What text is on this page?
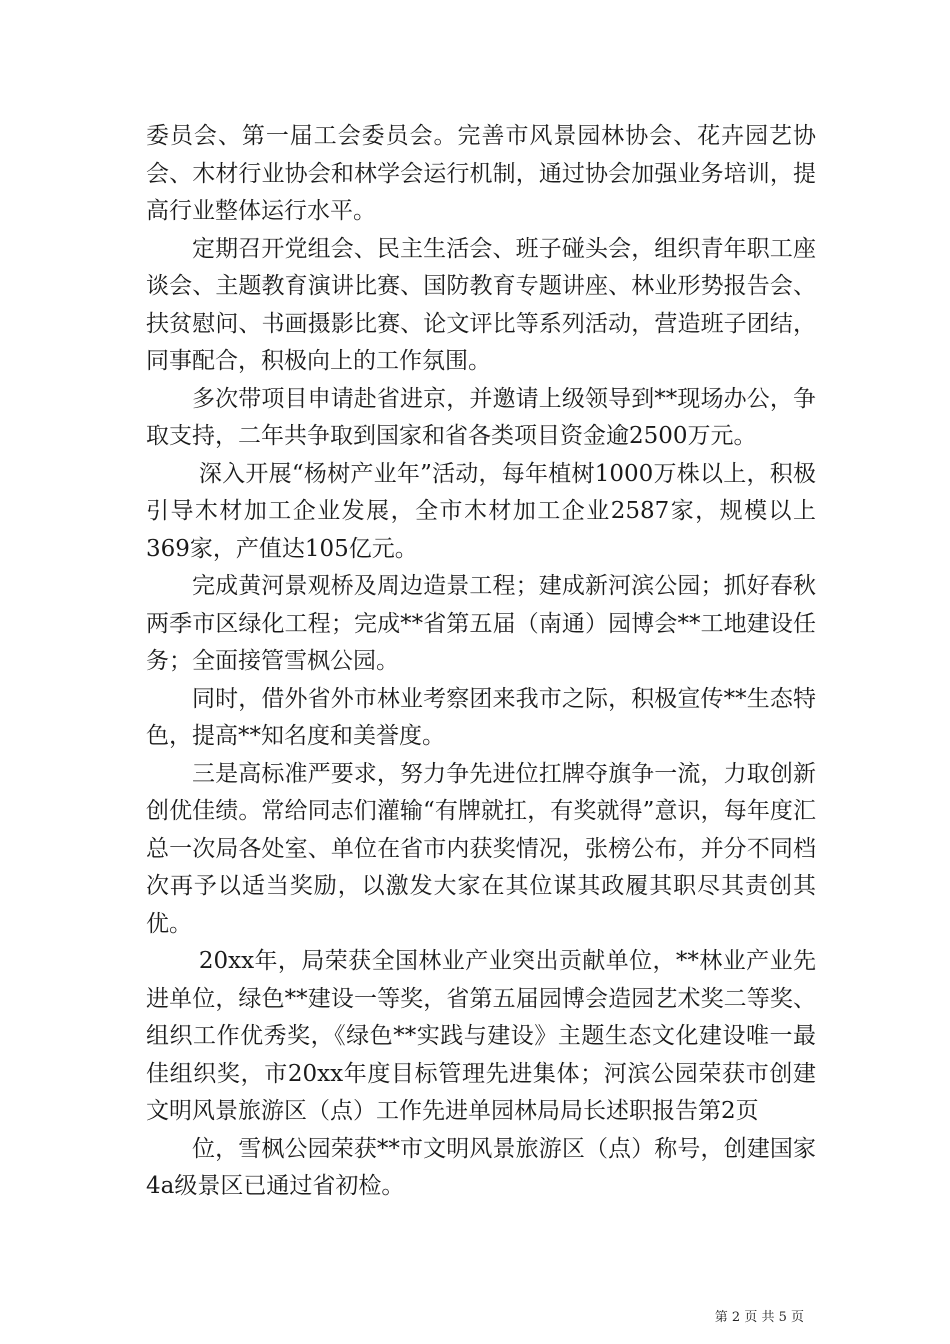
委员会、第一届工会委员会。完善市风景园林协会、花卉园艺协会、木材行业协会和林学会运行机制，通过协会加强业务培训，提高行业整体运行水平。

定期召开党组会、民主生活会、班子碰头会，组织青年职工座谈会、主题教育演讲比赛、国防教育专题讲座、林业形势报告会、扶贫慰问、书画摄影比赛、论文评比等系列活动，营造班子团结，同事配合，积极向上的工作氛围。

多次带项目申请赴省进京，并邀请上级领导到**现场办公，争取支持，二年共争取到国家和省各类项目资金逾2500万元。

深入开展“杨树产业年”活动，每年植树1000万株以上，积极引导木材加工企业发展，全市木材加工企业2587家，规模以上369家，产值达105亿元。

完成黄河景观桥及周边造景工程；建成新河滨公园；抓好春秋两季市区绿化工程；完成**省第五届（南通）园博会**工地建设任务；全面接管雪枫公园。

同时，借外省外市林业考察团来我市之际，积极宣传**生态特色，提高**知名度和美誉度。

三是高标准严要求，努力争先进位扛牌夺旗争一流，力取创新创优佳绩。常给同志们灌输“有牌就扛，有奖就得”意识，每年度汇总一次局各处室、单位在省市内获奖情况，张榜公布，并分不同档次再予以适当奖励，以激发大家在其位谋其政履其职尽其责创其优。

20xx年，局荣获全国林业产业突出贡献单位，**林业产业先进单位，绿色**建设一等奖，省第五届园博会造园艺术奖二等奖、组织工作优秀奖，《绿色**实践与建设》主题生态文化建设唯一最佳组织奖，市20xx年度目标管理先进集体；河滨公园荣获市创建文明风景旅游区（点）工作先进单园林局局长述职报告第2页

位，雪枫公园荣获**市文明风景旅游区（点）称号，创建国家4a级景区已通过省初检。

第 2 页 共 5 页
